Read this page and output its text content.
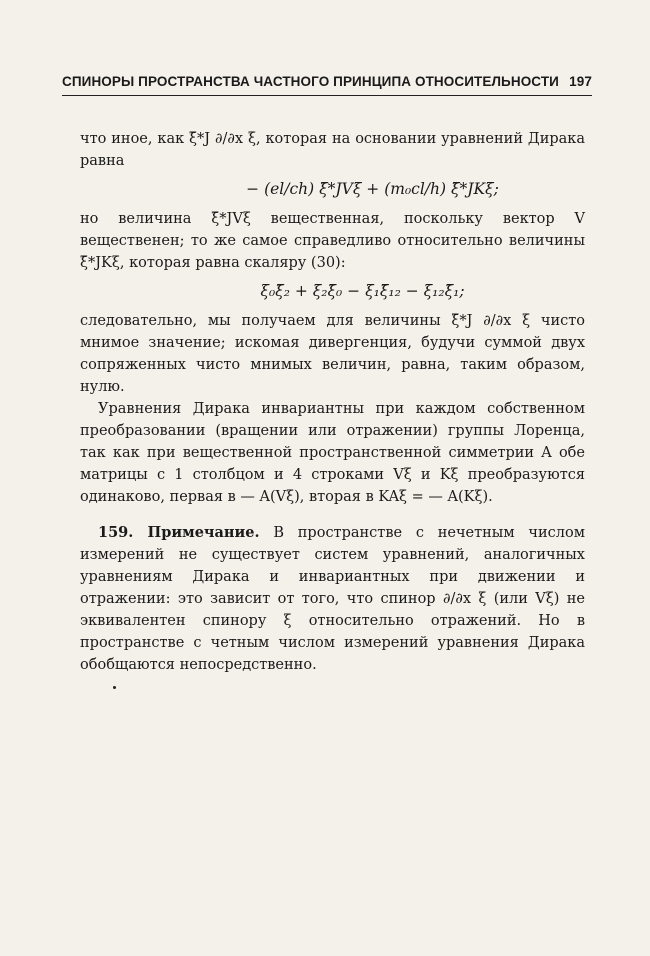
СПИНОРЫ ПРОСТРАНСТВА ЧАСТНОГО ПРИНЦИПА ОТНОСИТЕЛЬНОСТИ 197

что иное, как ξ̄*J ∂/∂x ξ, которая на основании уравнений Дирака равна

− (el/ch) ξ̄*JVξ + (m₀cl/h) ξ̄*JKξ;

но величина ξ̄*JVξ вещественная, поскольку вектор V вещественен; то же самое справедливо относительно величины ξ̄*JKξ, которая равна скаляру (30):

ξ₀ξ̄₂ + ξ₂ξ̄₀ − ξ₁ξ̄₁₂ − ξ₁₂ξ̄₁;

следовательно, мы получаем для величины ξ̄*J ∂/∂x ξ чисто мнимое значение; искомая дивергенция, будучи суммой двух сопряженных чисто мнимых величин, равна, таким образом, нулю.

Уравнения Дирака инвариантны при каждом собственном преобразовании (вращении или отражении) группы Лоренца, так как при вещественной пространственной симметрии A обе матрицы с 1 столбцом и 4 строками Vξ и Kξ преобразуются одинаково, первая в — A(Vξ), вторая в KAξ = — A(Kξ).

159. Примечание. В пространстве с нечетным числом измерений не существует систем уравнений, аналогичных уравнениям Дирака и инвариантных при движении и отражении: это зависит от того, что спинор ∂/∂x ξ (или Vξ) не эквивалентен спинору ξ относительно отражений. Но в пространстве с четным числом измерений уравнения Дирака обобщаются непосредственно.
